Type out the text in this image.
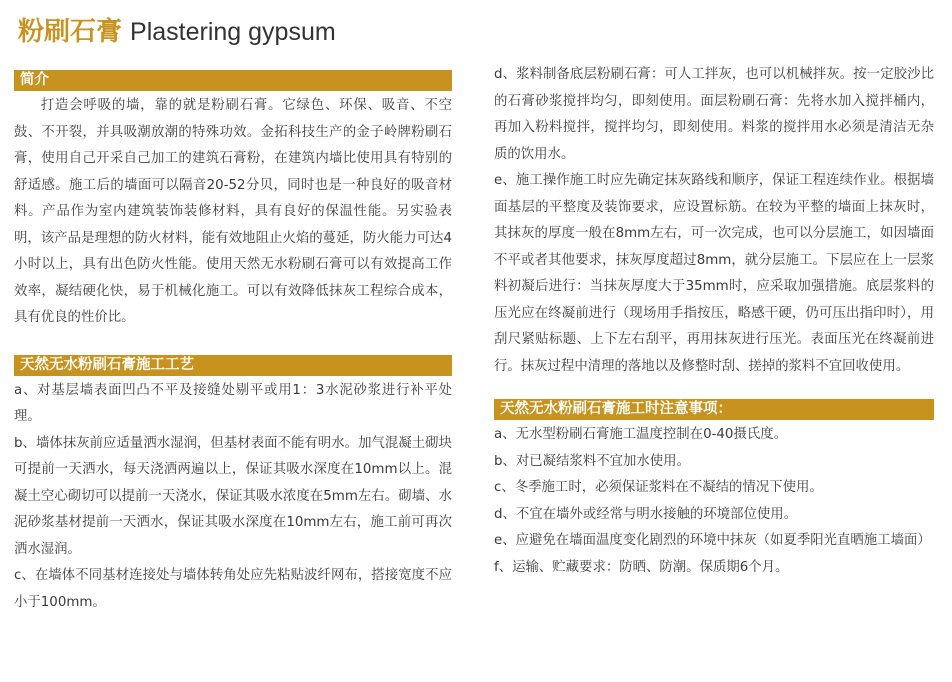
粉刷石膏 Plastering gypsum
简介

打造会呼吸的墙，靠的就是粉刷石膏。它绿色、环保、吸音、不空鼓、不开裂，并具吸潮放潮的特殊功效。金拓科技生产的金子岭牌粉刷石膏，使用自己开采自己加工的建筑石膏粉，在建筑内墙比使用具有特别的舒适感。施工后的墙面可以隔音20-52分贝，同时也是一种良好的吸音材料。产品作为室内建筑装饰装修材料，具有良好的保温性能。另实验表明，该产品是理想的防火材料，能有效地阻止火焰的蔓延，防火能力可达4小时以上，具有出色防火性能。使用天然无水粉刷石膏可以有效提高工作效率，凝结硬化快，易于机械化施工。可以有效降低抹灰工程综合成本，具有优良的性价比。

天然无水粉刷石膏施工工艺

a、对基层墙表面凹凸不平及接缝处剔平或用1：3水泥砂浆进行补平处理。

b、墙体抹灰前应适量洒水湿润，但基材表面不能有明水。加气混凝土砌块可提前一天洒水，每天浇洒两遍以上，保证其吸水深度在10mm以上。混凝土空心砌切可以提前一天浇水，保证其吸水浓度在5mm左右。砌墙、水泥砂浆基材提前一天洒水，保证其吸水深度在10mm左右，施工前可再次洒水湿润。

c、在墙体不同基材连接处与墙体转角处应先粘贴波纤网布，搭接宽度不应小于100mm。

d、浆料制备底层粉刷石膏：可人工拌灰，也可以机械拌灰。按一定胶沙比的石膏砂浆搅拌均匀，即刻使用。面层粉刷石膏：先将水加入搅拌桶内，再加入粉料搅拌，搅拌均匀，即刻使用。料浆的搅拌用水必须是清洁无杂质的饮用水。

e、施工操作施工时应先确定抹灰路线和顺序，保证工程连续作业。根据墙面基层的平整度及装饰要求，应设置标筋。在较为平整的墙面上抹灰时，其抹灰的厚度一般在8mm左右，可一次完成，也可以分层施工，如因墙面不平或者其他要求，抹灰厚度超过8mm，就分层施工。下层应在上一层浆料初凝后进行：当抹灰厚度大于35mm时，应采取加强措施。底层浆料的压光应在终凝前进行（现场用手指按压，略感干硬，仍可压出指印时），用刮尺紧贴标题、上下左右刮平，再用抹灰进行压光。表面压光在终凝前进行。抹灰过程中清理的落地以及修整时刮、搓掉的浆料不宜回收使用。

天然无水粉刷石膏施工时注意事项：

a、无水型粉刷石膏施工温度控制在0-40摄氏度。

b、对已凝结浆料不宜加水使用。

c、冬季施工时，必须保证浆料在不凝结的情况下使用。

d、不宜在墙外或经常与明水接触的环境部位使用。

e、应避免在墙面温度变化剧烈的环境中抹灰（如夏季阳光直晒施工墙面）

f、运输、贮藏要求：防晒、防潮。保质期6个月。
